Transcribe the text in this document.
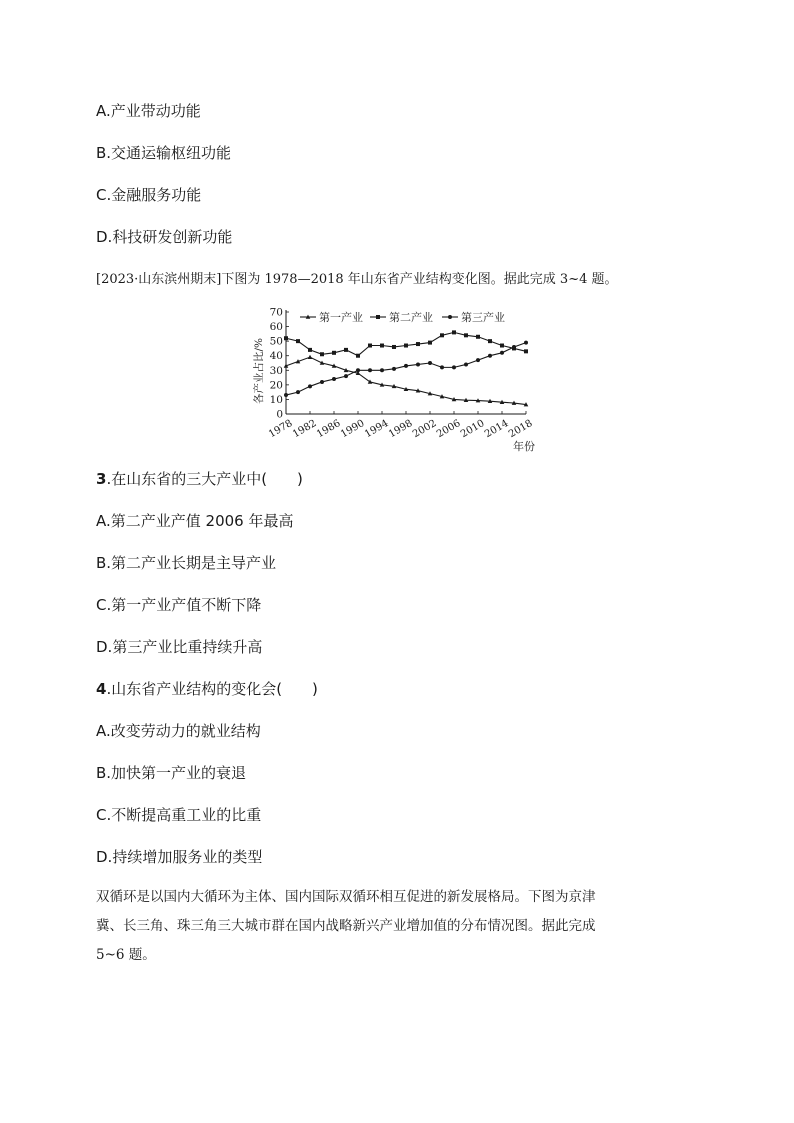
A.产业带动功能
B.交通运输枢纽功能
C.金融服务功能
D.科技研发创新功能
[2023·山东滨州期末]下图为 1978—2018 年山东省产业结构变化图。据此完成 3~4 题。
0
10
20
30
40
50
60
70
1978
1982
1986
1990
1994
1998
2002
2006
2010
2014
2018
第一产业 第二产业	第三产业
各产业占比/%
年份
3.在山东省的三大产业中(　　)
A.第二产业产值 2006 年最高
B.第二产业长期是主导产业
C.第一产业产值不断下降
D.第三产业比重持续升高
4.山东省产业结构的变化会(　　)
A.改变劳动力的就业结构
B.加快第一产业的衰退
C.不断提高重工业的比重
D.持续增加服务业的类型
双循环是以国内大循环为主体、国内国际双循环相互促进的新发展格局。下图为京津
冀、长三角、珠三角三大城市群在国内战略新兴产业增加值的分布情况图。据此完成
5~6 题。
